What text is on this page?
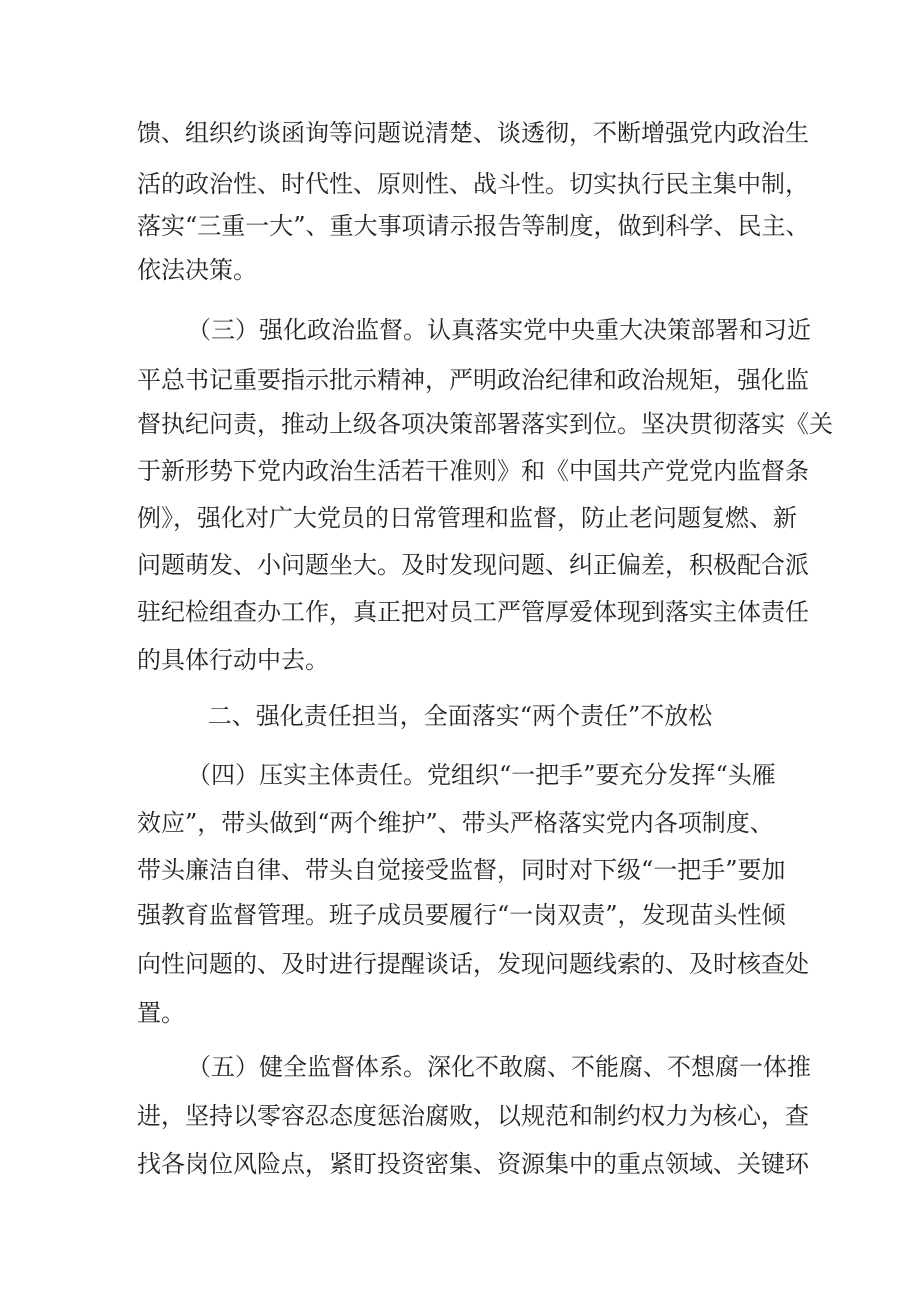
馈、组织约谈函询等问题说清楚、谈透彻，不断增强党内政治生
活的政治性、时代性、原则性、战斗性。切实执行民主集中制，
落实“三重一大”、重大事项请示报告等制度，做到科学、民主、
依法决策。
（三）强化政治监督。认真落实党中央重大决策部署和习近
平总书记重要指示批示精神，严明政治纪律和政治规矩，强化监
督执纪问责，推动上级各项决策部署落实到位。坚决贯彻落实《关
于新形势下党内政治生活若干准则》和《中国共产党党内监督条
例》，强化对广大党员的日常管理和监督，防止老问题复燃、新
问题萌发、小问题坐大。及时发现问题、纠正偏差，积极配合派
驻纪检组查办工作，真正把对员工严管厚爱体现到落实主体责任
的具体行动中去。
二、强化责任担当，全面落实“两个责任”不放松
（四）压实主体责任。党组织“一把手”要充分发挥“头雁
效应”，带头做到“两个维护”、带头严格落实党内各项制度、
带头廉洁自律、带头自觉接受监督，同时对下级“一把手”要加
强教育监督管理。班子成员要履行“一岗双责”，发现苗头性倾
向性问题的、及时进行提醒谈话，发现问题线索的、及时核查处
置。
（五）健全监督体系。深化不敢腐、不能腐、不想腐一体推
进，坚持以零容忍态度惩治腐败，以规范和制约权力为核心，查
找各岗位风险点，紧盯投资密集、资源集中的重点领域、关键环
